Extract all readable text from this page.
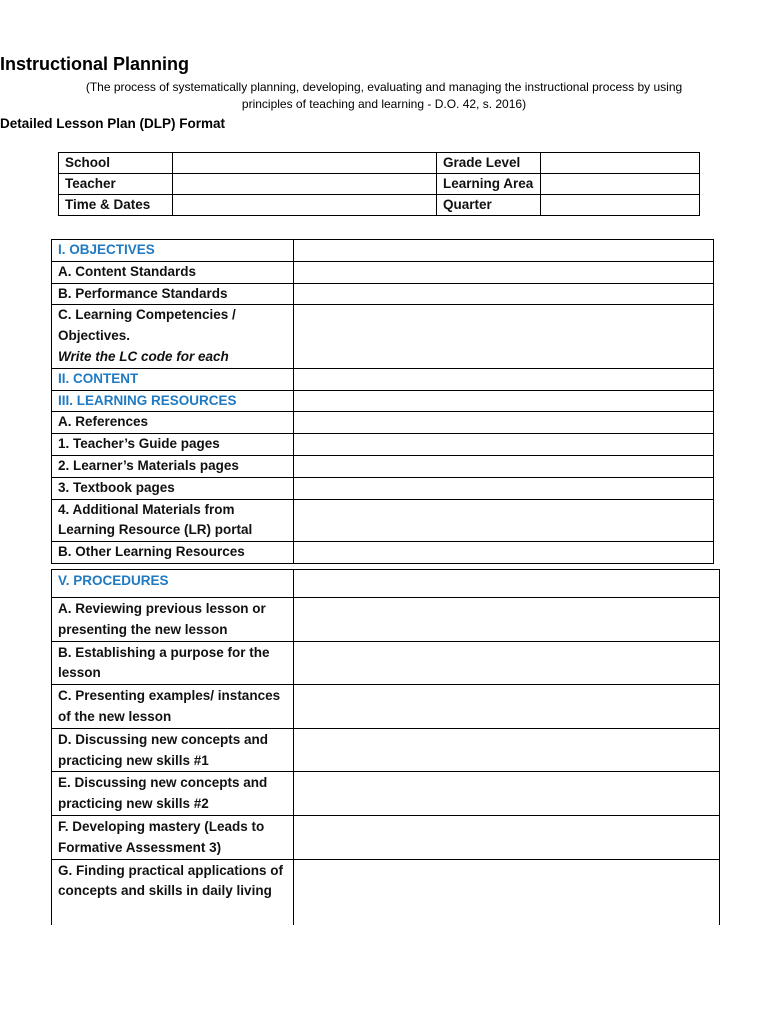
Instructional Planning
(The process of systematically planning, developing, evaluating and managing the instructional process by using principles of teaching and learning - D.O. 42, s. 2016)
Detailed Lesson Plan (DLP) Format
School		Grade Level	
Teacher		Learning Area	
Time & Dates		Quarter	
I. OBJECTIVES	
A. Content Standards	
B. Performance Standards	

C. Learning Competencies / Objectives.
Write the LC code for each	

II. CONTENT	
III. LEARNING RESOURCES	
A. References	
1. Teacher’s Guide pages	
2. Learner’s Materials pages	
3. Textbook pages	
4. Additional Materials from Learning Resource (LR) portal	
B. Other Learning Resources	
V. PROCEDURES	
A. Reviewing previous lesson or presenting the new lesson	
B. Establishing a purpose for the lesson	
C. Presenting examples/ instances of the new lesson	
D. Discussing new concepts and practicing new skills #1	
E. Discussing new concepts and practicing new skills #2	
F. Developing mastery (Leads to Formative Assessment 3)	
G. Finding practical applications of concepts and skills in daily living	
